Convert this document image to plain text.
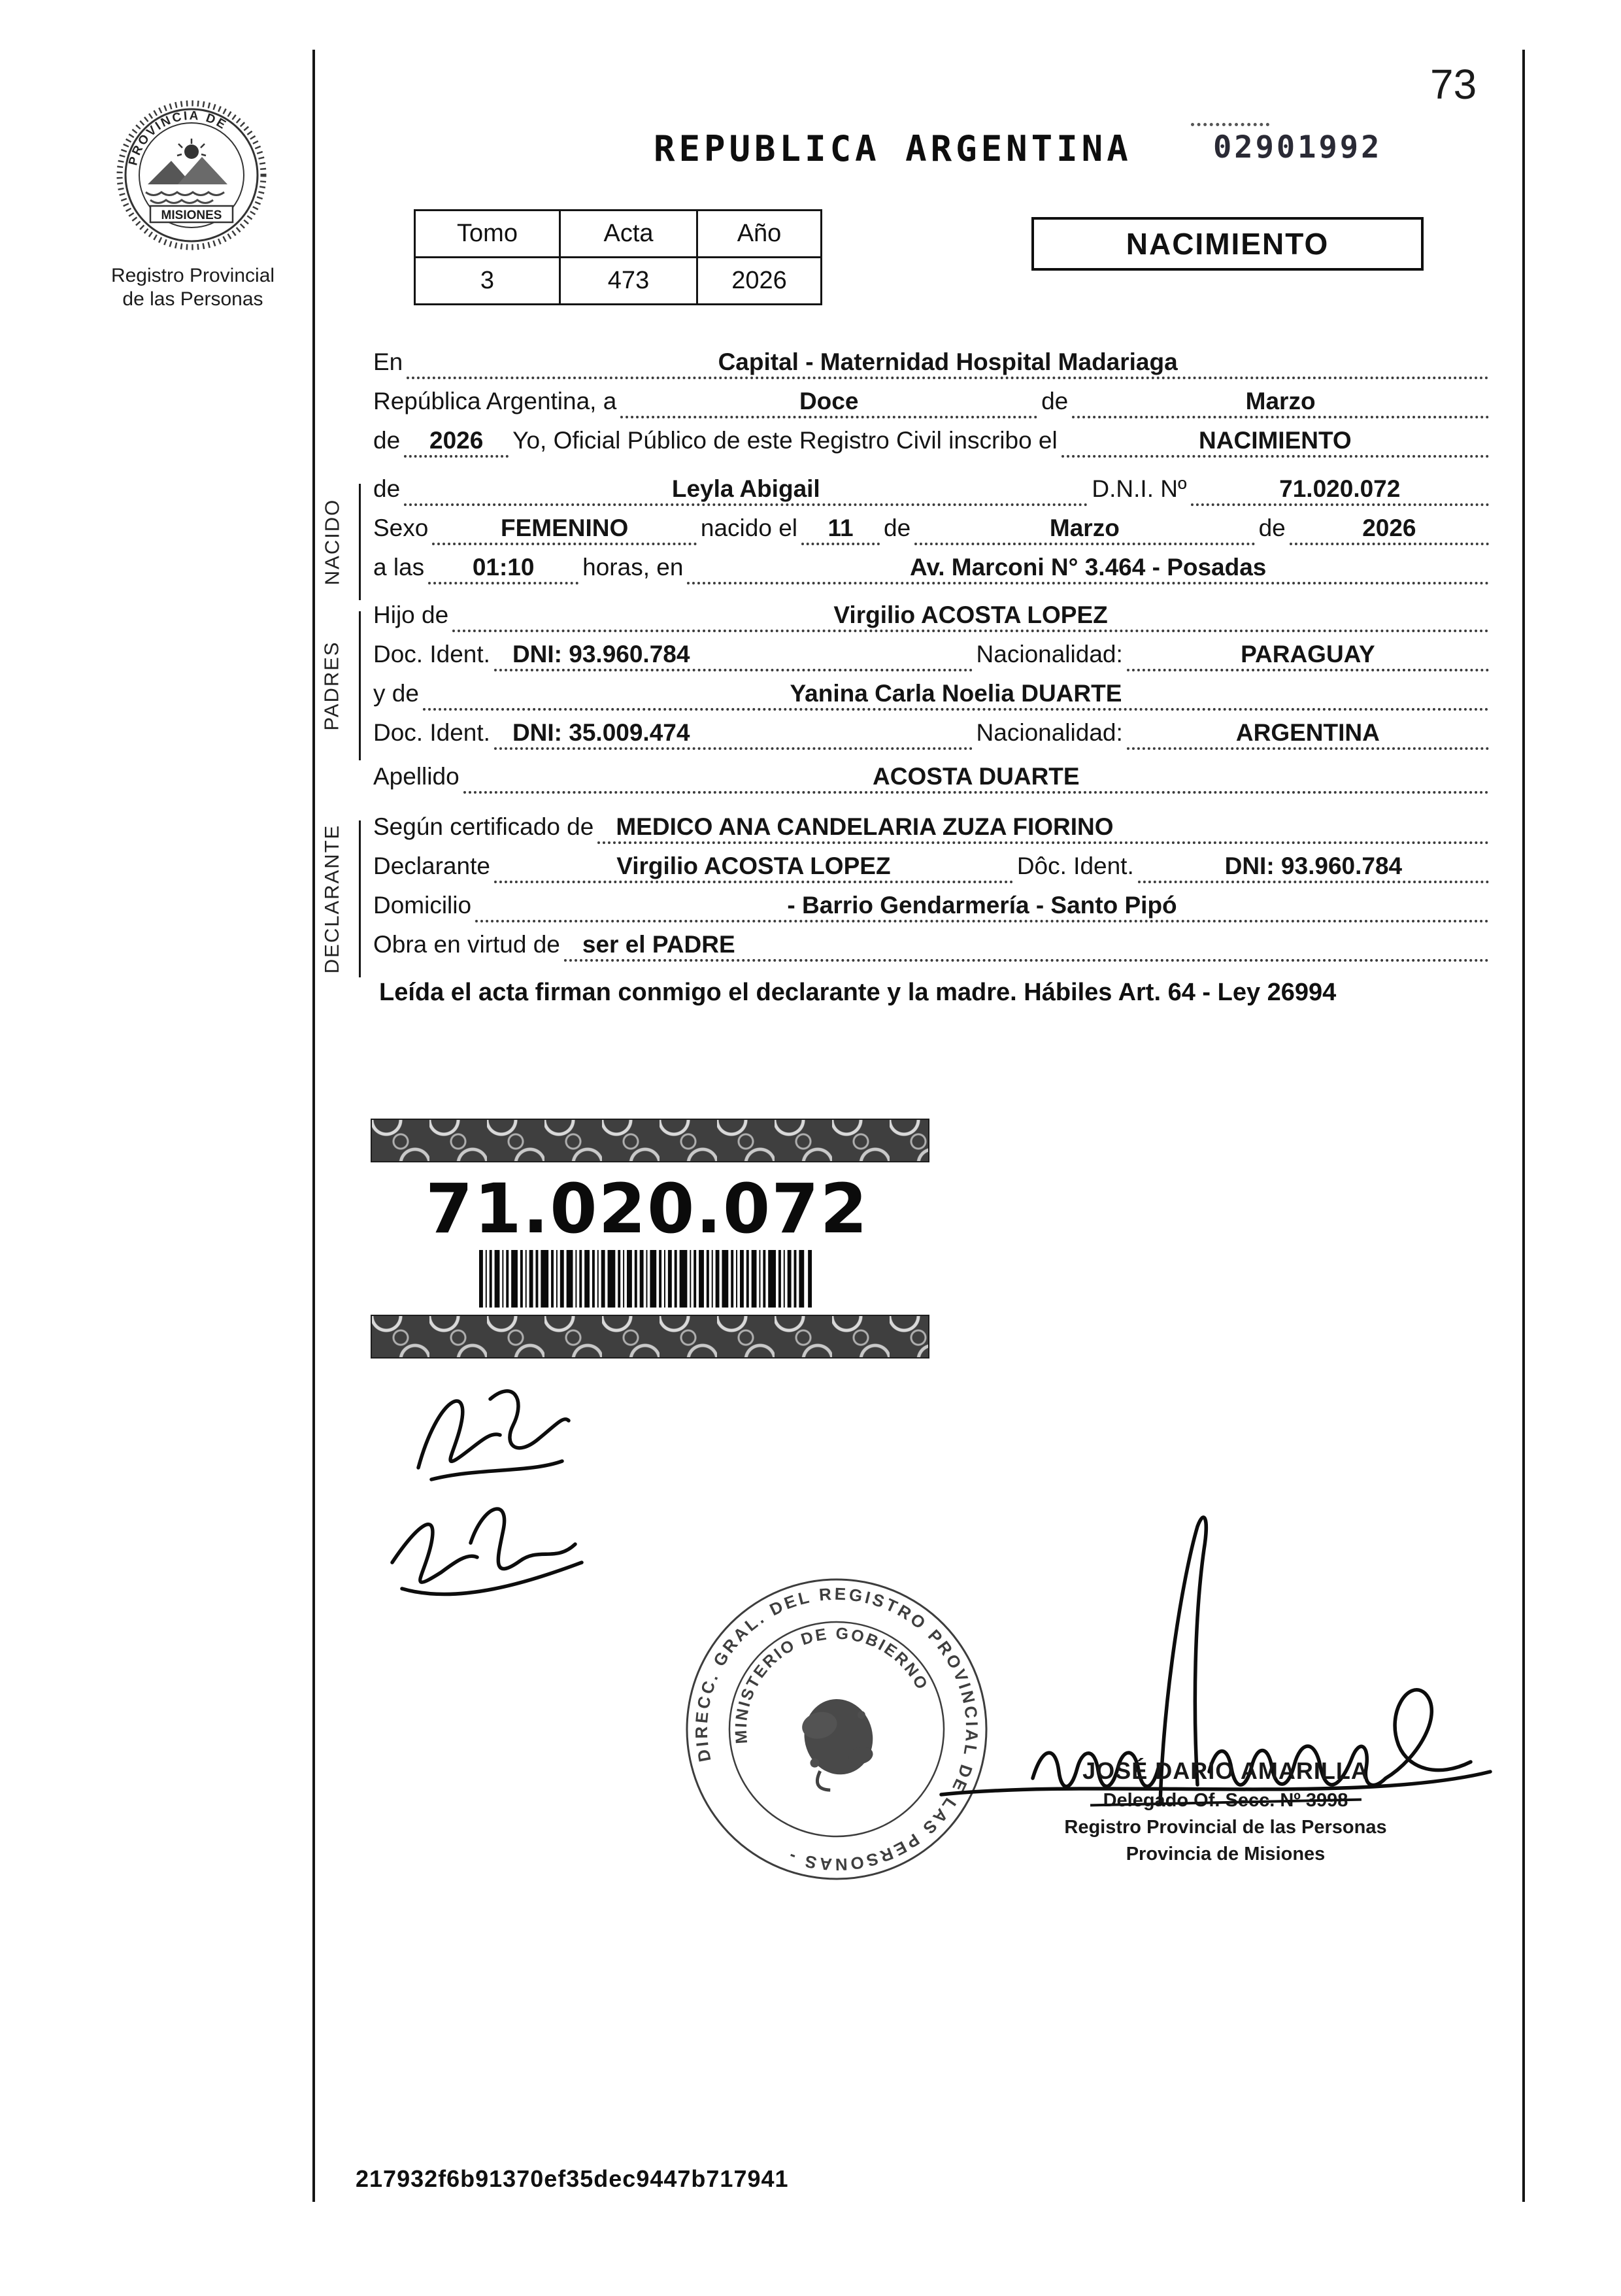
73
PROVINCIA DE
MISIONES
Registro Provincial
de las Personas
REPUBLICA ARGENTINA	02901992
Tomo	Acta	Año
3	473	2026
NACIMIENTO
En	Capital - Maternidad Hospital Madariaga
República Argentina, a	Doce	de	Marzo
de	2026	Yo, Oficial Público de este Registro Civil inscribo el	NACIMIENTO
de	Leyla Abigail	D.N.I. Nº	71.020.072
Sexo	FEMENINO	nacido el	11	de	Marzo	de	2026
a las	01:10	horas, en	Av. Marconi N° 3.464 - Posadas
Hijo de	Virgilio ACOSTA LOPEZ
Doc. Ident. DNI: 93.960.784	Nacionalidad:	PARAGUAY
y de	Yanina Carla Noelia DUARTE
Doc. Ident. DNI: 35.009.474	Nacionalidad:	ARGENTINA
Apellido	ACOSTA DUARTE
Según certificado de MEDICO ANA CANDELARIA ZUZA FIORINO
Declarante	Virgilio ACOSTA LOPEZ	Dôc. Ident.	DNI: 93.960.784
Domicilio	- Barrio Gendarmería - Santo Pipó
Obra en virtud de ser el PADRE
NACIDO
PADRES
DECLARANTE
Leída el acta firman conmigo el declarante y la madre. Hábiles Art. 64 - Ley 26994
71.020.072
DIRECC. GRAL. DEL REGISTRO PROVINCIAL DE LAS PERSONAS -
MINISTERIO DE GOBIERNO
JOSÉ DARIO AMARILLA
Delegado Of. Secc. Nº 3998
Registro Provincial de las Personas
Provincia de Misiones
217932f6b91370ef35dec9447b717941
